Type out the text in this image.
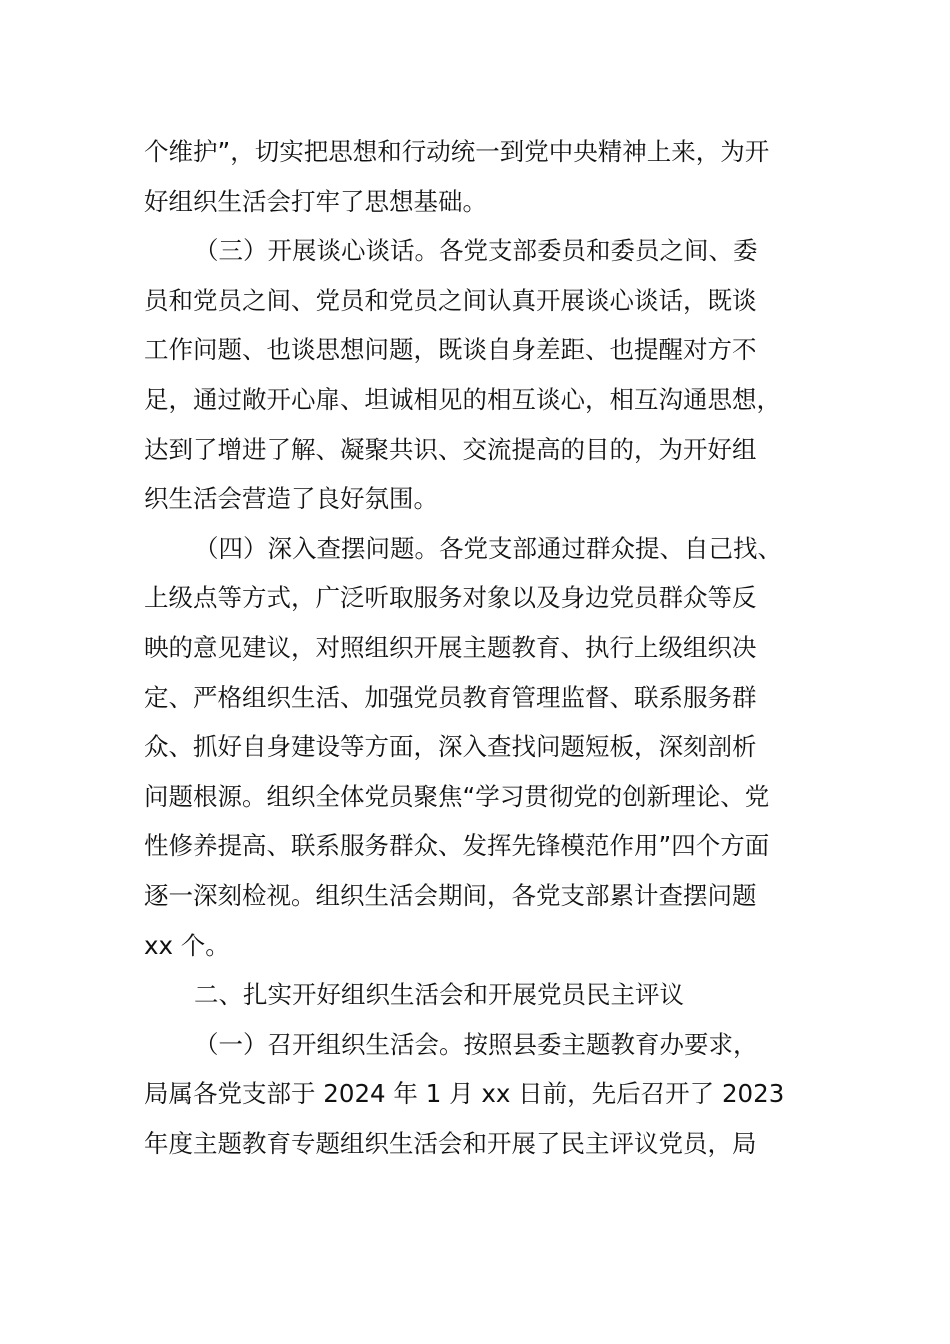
个维护”，切实把思想和行动统一到党中央精神上来，为开
好组织生活会打牢了思想基础。
（三）开展谈心谈话。各党支部委员和委员之间、委
员和党员之间、党员和党员之间认真开展谈心谈话，既谈
工作问题、也谈思想问题，既谈自身差距、也提醒对方不
足，通过敞开心扉、坦诚相见的相互谈心，相互沟通思想，
达到了增进了解、凝聚共识、交流提高的目的，为开好组
织生活会营造了良好氛围。
（四）深入查摆问题。各党支部通过群众提、自己找、
上级点等方式，广泛听取服务对象以及身边党员群众等反
映的意见建议，对照组织开展主题教育、执行上级组织决
定、严格组织生活、加强党员教育管理监督、联系服务群
众、抓好自身建设等方面，深入查找问题短板，深刻剖析
问题根源。组织全体党员聚焦“学习贯彻党的创新理论、党
性修养提高、联系服务群众、发挥先锋模范作用”四个方面
逐一深刻检视。组织生活会期间，各党支部累计查摆问题
xx 个。
二、扎实开好组织生活会和开展党员民主评议
（一）召开组织生活会。按照县委主题教育办要求，
局属各党支部于 2024 年 1 月 xx 日前，先后召开了 2023
年度主题教育专题组织生活会和开展了民主评议党员，局
